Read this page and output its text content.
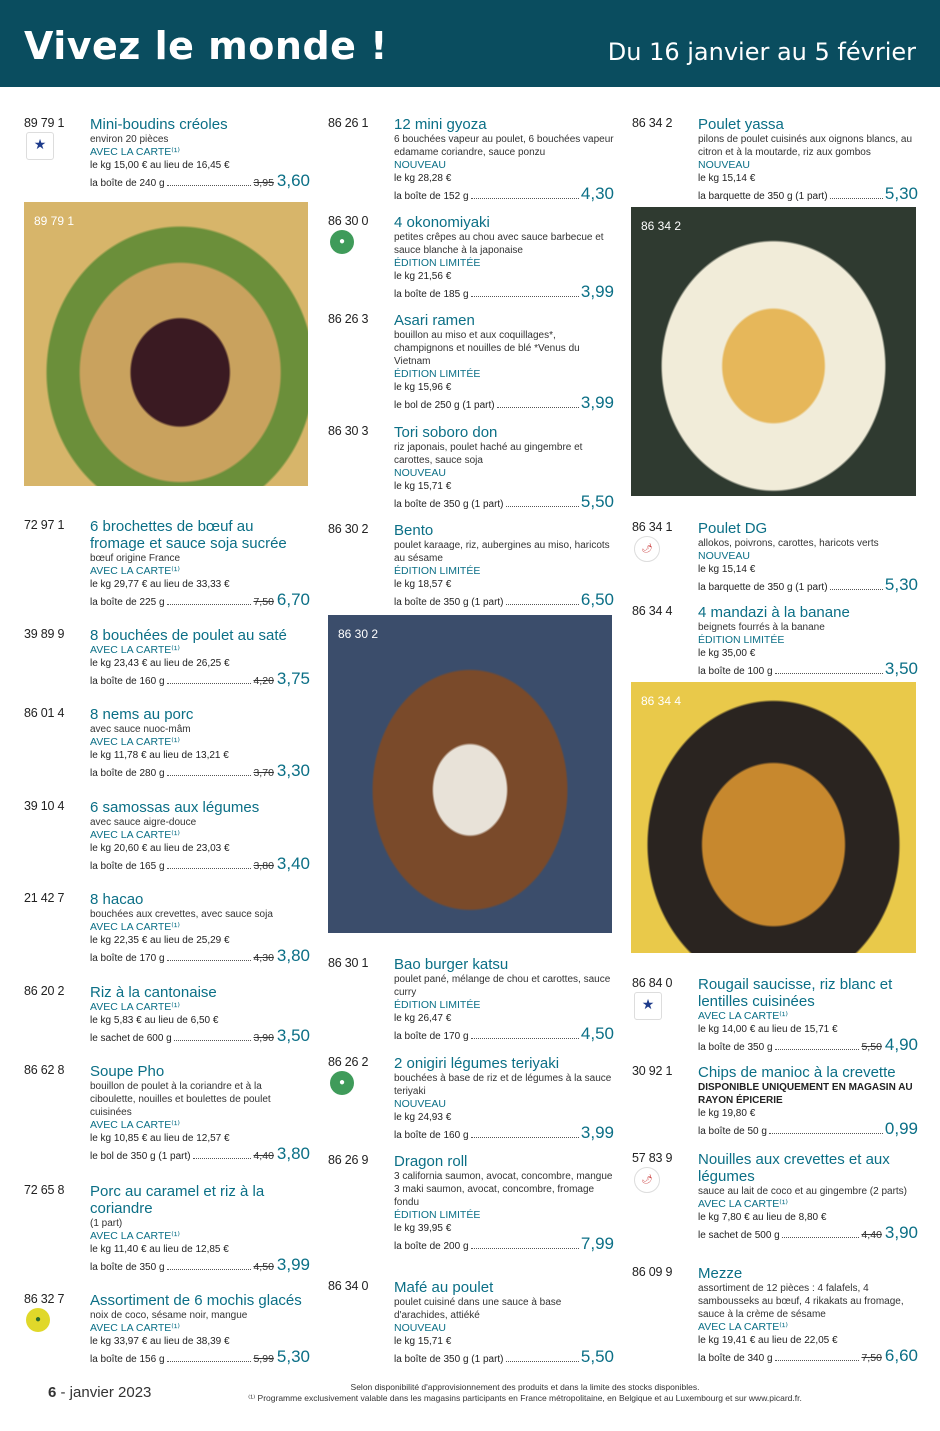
Vivez le monde !	Du 16 janvier au 5 février
89 79 1
★
Mini-boudins créoles
environ 20 pièces
AVEC LA CARTE⁽¹⁾
le kg 15,00 € au lieu de 16,45 €
la boîte de 240 g	3,95 3,60
72 97 1 6 brochettes de bœuf au fromage et sauce soja sucrée
bœuf origine France
AVEC LA CARTE⁽¹⁾
le kg 29,77 € au lieu de 33,33 €
la boîte de 225 g	7,50 6,70
39 89 9 8 bouchées de poulet au saté
AVEC LA CARTE⁽¹⁾
le kg 23,43 € au lieu de 26,25 €
la boîte de 160 g	4,20 3,75
86 01 4 8 nems au porc
avec sauce nuoc-mâm
AVEC LA CARTE⁽¹⁾
le kg 11,78 € au lieu de 13,21 €
la boîte de 280 g	3,70 3,30
39 10 4 6 samossas aux légumes
avec sauce aigre-douce
AVEC LA CARTE⁽¹⁾
le kg 20,60 € au lieu de 23,03 €
la boîte de 165 g	3,80 3,40
21 42 7 8 hacao
bouchées aux crevettes, avec sauce soja
AVEC LA CARTE⁽¹⁾
le kg 22,35 € au lieu de 25,29 €
la boîte de 170 g	4,30 3,80
86 20 2 Riz à la cantonaise
AVEC LA CARTE⁽¹⁾
le kg 5,83 € au lieu de 6,50 €
le sachet de 600 g	3,90 3,50
86 62 8 Soupe Pho
bouillon de poulet à la coriandre et à la ciboulette, nouilles et boulettes de poulet cuisinées
AVEC LA CARTE⁽¹⁾
le kg 10,85 € au lieu de 12,57 €
le bol de 350 g (1 part)	4,40 3,80
72 65 8 Porc au caramel et riz à la coriandre
(1 part)
AVEC LA CARTE⁽¹⁾
le kg 11,40 € au lieu de 12,85 €
la boîte de 350 g	4,50 3,99
86 32 7
●
Assortiment de 6 mochis glacés
noix de coco, sésame noir, mangue
AVEC LA CARTE⁽¹⁾
le kg 33,97 € au lieu de 38,39 €
la boîte de 156 g	5,99 5,30
86 26 1 12 mini gyoza
6 bouchées vapeur au poulet, 6 bouchées vapeur edamame coriandre, sauce ponzu
NOUVEAU
le kg 28,28 €
la boîte de 152 g	4,30
86 30 0
●
4 okonomiyaki
petites crêpes au chou avec sauce barbecue et sauce blanche à la japonaise
ÉDITION LIMITÉE
le kg 21,56 €
la boîte de 185 g	3,99
86 26 3 Asari ramen
bouillon au miso et aux coquillages*, champignons et nouilles de blé *Venus du Vietnam
ÉDITION LIMITÉE
le kg 15,96 €
le bol de 250 g (1 part)	3,99
86 30 3 Tori soboro don
riz japonais, poulet haché au gingembre et carottes, sauce soja
NOUVEAU
le kg 15,71 €
la boîte de 350 g (1 part)	5,50
86 30 2 Bento
poulet karaage, riz, aubergines au miso, haricots au sésame
ÉDITION LIMITÉE
le kg 18,57 €
la boîte de 350 g (1 part)	6,50
86 30 1 Bao burger katsu
poulet pané, mélange de chou et carottes, sauce curry
ÉDITION LIMITÉE
le kg 26,47 €
la boîte de 170 g	4,50
86 26 2
●
2 onigiri légumes teriyaki
bouchées à base de riz et de légumes à la sauce teriyaki
NOUVEAU
le kg 24,93 €
la boîte de 160 g	3,99
86 26 9 Dragon roll
3 california saumon, avocat, concombre, mangue 3 maki saumon, avocat, concombre, fromage fondu
ÉDITION LIMITÉE
le kg 39,95 €
la boîte de 200 g	7,99
86 34 0 Mafé au poulet
poulet cuisiné dans une sauce à base d'arachides, attiéké
NOUVEAU
le kg 15,71 €
la boîte de 350 g (1 part)	5,50
86 34 2 Poulet yassa
pilons de poulet cuisinés aux oignons blancs, au citron et à la moutarde, riz aux gombos
NOUVEAU
le kg 15,14 €
la barquette de 350 g (1 part)	5,30
86 34 1
🌶
Poulet DG
allokos, poivrons, carottes, haricots verts
NOUVEAU
le kg 15,14 €
la barquette de 350 g (1 part)	5,30
86 34 4 4 mandazi à la banane
beignets fourrés à la banane
ÉDITION LIMITÉE
le kg 35,00 €
la boîte de 100 g	3,50
86 84 0
★
Rougail saucisse, riz blanc et lentilles cuisinées
AVEC LA CARTE⁽¹⁾
le kg 14,00 € au lieu de 15,71 €
la boîte de 350 g	5,50 4,90
30 92 1 Chips de manioc à la crevette
DISPONIBLE UNIQUEMENT EN MAGASIN AU RAYON ÉPICERIE
le kg 19,80 €
la boîte de 50 g	0,99
57 83 9
🌶
Nouilles aux crevettes et aux légumes
sauce au lait de coco et au gingembre (2 parts)
AVEC LA CARTE⁽¹⁾
le kg 7,80 € au lieu de 8,80 €
le sachet de 500 g	4,40 3,90
86 09 9 Mezze
assortiment de 12 pièces : 4 falafels, 4 sambousseks au bœuf, 4 rikakats au fromage, sauce à la crème de sésame
AVEC LA CARTE⁽¹⁾
le kg 19,41 € au lieu de 22,05 €
la boîte de 340 g	7,50 6,60
89 79 1
86 30 2
86 34 2
86 34 4
6 - janvier 2023	Selon disponibilité d'approvisionnement des produits et dans la limite des stocks disponibles.
⁽¹⁾ Programme exclusivement valable dans les magasins participants en France métropolitaine, en Belgique et au Luxembourg et sur www.picard.fr.
